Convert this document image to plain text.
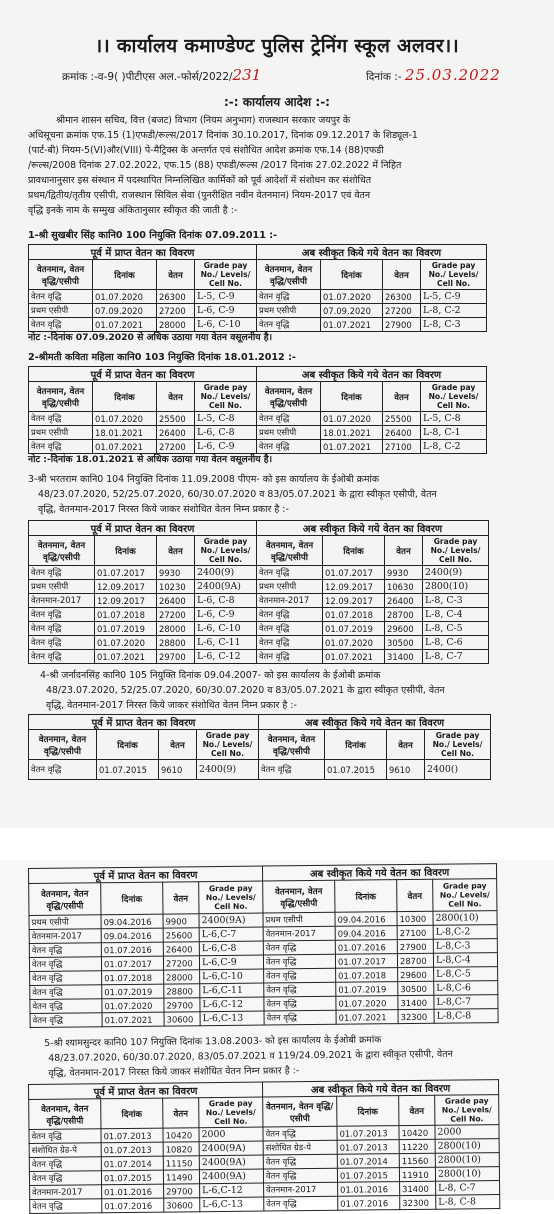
।। कार्यालय कमाण्डेण्ट पुलिस ट्रेनिंग स्कूल अलवर।।
क्रमांक :-व-9( )पीटीएस अल.-फोर्स/2022/231	दिनांक :- 25.03.2022
:-: कार्यालय आदेश :-:
श्रीमान शासन सचिव, वित्त (बजट) विभाग (नियम अनुभाग) राजस्थान सरकार जयपुर के
अधिसूचना क्रमांक एफ.15 (1)एफडी/रूल्स/2017 दिनांक 30.10.2017, दिनांक 09.12.2017 के शिड्यूल-1
(पार्ट-बी) नियम-5(VI)और(VIII) पे-मैट्रिक्स के अन्तर्गत एवं संशोधित आदेश क्रमांक एफ.14 (88)एफडी
/रूल्स/2008 दिनांक 27.02.2022, एफ.15 (88) एफडी/रूल्स /2017 दिनांक 27.02.2022 में निहित
प्रावधानानुसार इस संस्थान में पदस्थापित निम्नलिखित कार्मिकों को पूर्व आदेशों में संशोधन कर संशोधित
प्रथम/द्वितीय/तृतीय एसीपी, राजस्थान सिविल सेवा (पुनरीक्षित नवीन वेतनमान) नियम-2017 एवं वेतन
वृद्धि इनके नाम के सम्मुख अंकितानुसार स्वीकृत की जाती है :-
1-श्री सुखबीर सिंह कानि0 100 नियुक्ति दिनांक 07.09.2011 :-
पूर्व में प्राप्त वेतन का विवरण				अब स्वीकृत किये गये वेतन का विवरण			
वेतनमान, वेतन वृद्धि/एसीपी	दिनांक	वेतन	Grade pay No./ Levels/ Cell No.	वेतनमान, वेतन वृद्धि/एसीपी	दिनांक	वेतन	Grade pay No./ Levels/ Cell No.
वेतन वृद्धि	01.07.2020	26300	L-5, C-9	वेतन वृद्धि	01.07.2020	26300	L-5, C-9
प्रथम एसीपी	07.09.2020	27200	L-6, C-9	प्रथम एसीपी	07.09.2020	27200	L-8, C-2
वेतन वृद्धि	01.07.2021	28000	L-6, C-10	वेतन वृद्धि	01.07.2021	27900	L-8, C-3
नोट :-दिनांक 07.09.2020 से अधिक उठाया गया वेतन वसूलनीय है।
2-श्रीमती कविता महिला कानि0 103 नियुक्ति दिनांक 18.01.2012 :-
पूर्व में प्राप्त वेतन का विवरण				अब स्वीकृत किये गये वेतन का विवरण			
वेतनमान, वेतन वृद्धि/एसीपी	दिनांक	वेतन	Grade pay No./ Levels/ Cell No.	वेतनमान, वेतन वृद्धि/एसीपी	दिनांक	वेतन	Grade pay No./ Levels/ Cell No.
वेतन वृद्धि	01.07.2020	25500	L-5, C-8	वेतन वृद्धि	01.07.2020	25500	L-5, C-8
प्रथम एसीपी	18.01.2021	26400	L-6, C-8	प्रथम एसीपी	18.01.2021	26400	L-8, C-1
वेतन वृद्धि	01.07.2021	27200	L-6, C-9	वेतन वृद्धि	01.07.2021	27100	L-8, C-2
नोट :-दिनांक 18.01.2021 से अधिक उठाया गया वेतन वसूलनीय है।
3-श्री भरतराम कानि0 104 नियुक्ति दिनांक 11.09.2008 पीएम- को इस कार्यालय के ईओबी क्रमांक
48/23.07.2020, 52/25.07.2020, 60/30.07.2020 व 83/05.07.2021 के द्वारा स्वीकृत एसीपी, वेतन
वृद्धि, वेतनमान-2017 निरस्त किये जाकर संशोधित वेतन निम्न प्रकार है :-
पूर्व में प्राप्त वेतन का विवरण				अब स्वीकृत किये गये वेतन का विवरण			
वेतनमान, वेतन वृद्धि/एसीपी	दिनांक	वेतन	Grade pay No./ Levels/ Cell No.	वेतनमान, वेतन वृद्धि/एसीपी	दिनांक	वेतन	Grade pay No./ Levels/ Cell No.
वेतन वृद्धि	01.07.2017	9930	2400(9)	वेतन वृद्धि	01.07.2017	9930	2400(9)
प्रथम एसीपी	12.09.2017	10230	2400(9A)	प्रथम एसीपी	12.09.2017	10630	2800(10)
वेतनमान-2017	12.09.2017	26400	L-6, C-8	वेतनमान-2017	12.09.2017	26400	L-8, C-3
वेतन वृद्धि	01.07.2018	27200	L-6, C-9	वेतन वृद्धि	01.07.2018	28700	L-8, C-4
वेतन वृद्धि	01.07.2019	28000	L-6, C-10	वेतन वृद्धि	01.07.2019	29600	L-8, C-5
वेतन वृद्धि	01.07.2020	28800	L-6, C-11	वेतन वृद्धि	01.07.2020	30500	L-8, C-6
वेतन वृद्धि	01.07.2021	29700	L-6, C-12	वेतन वृद्धि	01.07.2021	31400	L-8, C-7
4-श्री जर्नादनसिंह कानि0 105 नियुक्ति दिनांक 09.04.2007- को इस कार्यालय के ईओबी क्रमांक
48/23.07.2020, 52/25.07.2020, 60/30.07.2020 व 83/05.07.2021 के द्वारा स्वीकृत एसीपी, वेतन
वृद्धि, वेतनमान-2017 निरस्त किये जाकर संशोधित वेतन निम्न प्रकार है :-
पूर्व में प्राप्त वेतन का विवरण				अब स्वीकृत किये गये वेतन का विवरण			
वेतनमान, वेतन वृद्धि/एसीपी	दिनांक	वेतन	Grade pay No./ Levels/ Cell No.	वेतनमान, वेतन वृद्धि/एसीपी	दिनांक	वेतन	Grade pay No./ Levels/ Cell No.
वेतन वृद्धि	01.07.2015	9610	2400(9)	वेतन वृद्धि	01.07.2015	9610	2400()
पूर्व में प्राप्त वेतन का विवरण				अब स्वीकृत किये गये वेतन का विवरण			
वेतनमान, वेतन वृद्धि/एसीपी	दिनांक	वेतन	Grade pay No./ Levels/ Cell No.	वेतनमान, वेतन वृद्धि/एसीपी	दिनांक	वेतन	Grade pay No./ Levels/ Cell No.
प्रथम एसीपी	09.04.2016	9900	2400(9A)	प्रथम एसीपी	09.04.2016	10300	2800(10)
वेतनमान-2017	09.04.2016	25600	L-6,C-7	वेतनमान-2017	09.04.2016	27100	L-8,C-2
वेतन वृद्धि	01.07.2016	26400	L-6,C-8	वेतन वृद्धि	01.07.2016	27900	L-8,C-3
वेतन वृद्धि	01.07.2017	27200	L-6,C-9	वेतन वृद्धि	01.07.2017	28700	L-8,C-4
वेतन वृद्धि	01.07.2018	28000	L-6,C-10	वेतन वृद्धि	01.07.2018	29600	L-8,C-5
वेतन वृद्धि	01.07.2019	28800	L-6,C-11	वेतन वृद्धि	01.07.2019	30500	L-8,C-6
वेतन वृद्धि	01.07.2020	29700	L-6,C-12	वेतन वृद्धि	01.07.2020	31400	L-8,C-7
वेतन वृद्धि	01.07.2021	30600	L-6,C-13	वेतन वृद्धि	01.07.2021	32300	L-8,C-8
5-श्री श्यामसुन्दर कानि0 107 नियुक्ति दिनांक 13.08.2003- को इस कार्यालय के ईओबी क्रमांक
48/23.07.2020, 60/30.07.2020, 83/05.07.2021 व 119/24.09.2021 के द्वारा स्वीकृत एसीपी, वेतन
वृद्धि, वेतनमान-2017 निरस्त किये जाकर संशोधित वेतन निम्न प्रकार है :-
पूर्व में प्राप्त वेतन का विवरण				अब स्वीकृत किये गये वेतन का विवरण			
वेतनमान, वेतन वृद्धि/एसीपी	दिनांक	वेतन	Grade pay No./ Levels/ Cell No.	वेतनमान, वेतन वृद्धि/एसीपी	दिनांक	वेतन	Grade pay No./ Levels/ Cell No.
वेतन वृद्धि	01.07.2013	10420	2000	वेतन वृद्धि	01.07.2013	10420	2000
संशोधित ग्रेड-पे	01.07.2013	10820	2400(9A)	संशोधित ग्रेड-पे	01.07.2013	11220	2800(10)
वेतन वृद्धि	01.07.2014	11150	2400(9A)	वेतन वृद्धि	01.07.2014	11560	2800(10)
वेतन वृद्धि	01.07.2015	11490	2400(9A)	वेतन वृद्धि	01.07.2015	11910	2800(10)
वेतनमान-2017	01.01.2016	29700	L-6,C-12	वेतनमान-2017	01.01.2016	31400	L-8, C-7
वेतन वृद्धि	01.07.2016	30600	L-6,C-13	वेतन वृद्धि	01.07.2016	32300	L-8, C-8
